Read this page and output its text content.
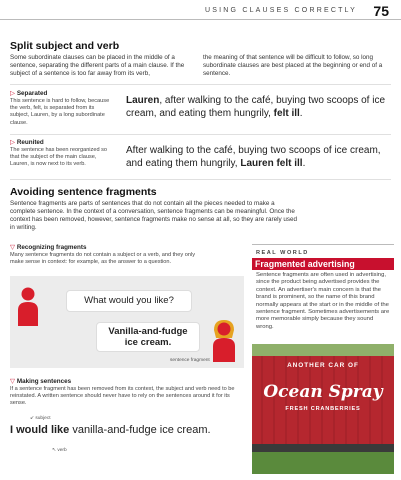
USING CLAUSES CORRECTLY 75
Split subject and verb
Some subordinate clauses can be placed in the middle of a sentence, separating the different parts of a main clause. If the subject of a sentence is too far away from its verb,
the meaning of that sentence will be difficult to follow, so long subordinate clauses are best placed at the beginning or end of a sentence.
▷ Separated
This sentence is hard to follow, because the verb, felt, is separated from its subject, Lauren, by a long subordinate clause.
Lauren, after walking to the café, buying two scoops of ice cream, and eating them hungrily, felt ill.
▷ Reunited
The sentence has been reorganized so that the subject of the main clause, Lauren, is now next to its verb.
After walking to the café, buying two scoops of ice cream, and eating them hungrily, Lauren felt ill.
Avoiding sentence fragments
Sentence fragments are parts of sentences that do not contain all the pieces needed to make a complete sentence. In the context of a conversation, sentence fragments can be meaningful. Once the context has been removed, however, sentence fragments make no sense at all, so they are rarely used in writing.
▽ Recognizing fragments
Many sentence fragments do not contain a subject or a verb, and they only make sense in context: for example, as the answer to a question.
What would you like?
Vanilla-and-fudge
ice cream.
sentence fragment
▽ Making sentences
If a sentence fragment has been removed from its context, the subject and verb need to be reinstated. A written sentence should never have to rely on the sentences around it for its sense.
↙ subject
I would like vanilla-and-fudge ice cream.
↖ verb
REAL WORLD
Fragmented advertising
Sentence fragments are often used in advertising, since the product being advertised provides the context. An advertiser's main concern is that the brand is prominent, so the name of this brand normally appears at the start or in the middle of the sentence fragment. Sometimes advertisements are more memorable simply because they sound wrong.
ANOTHER CAR OF
Ocean Spray
FRESH CRANBERRIES
